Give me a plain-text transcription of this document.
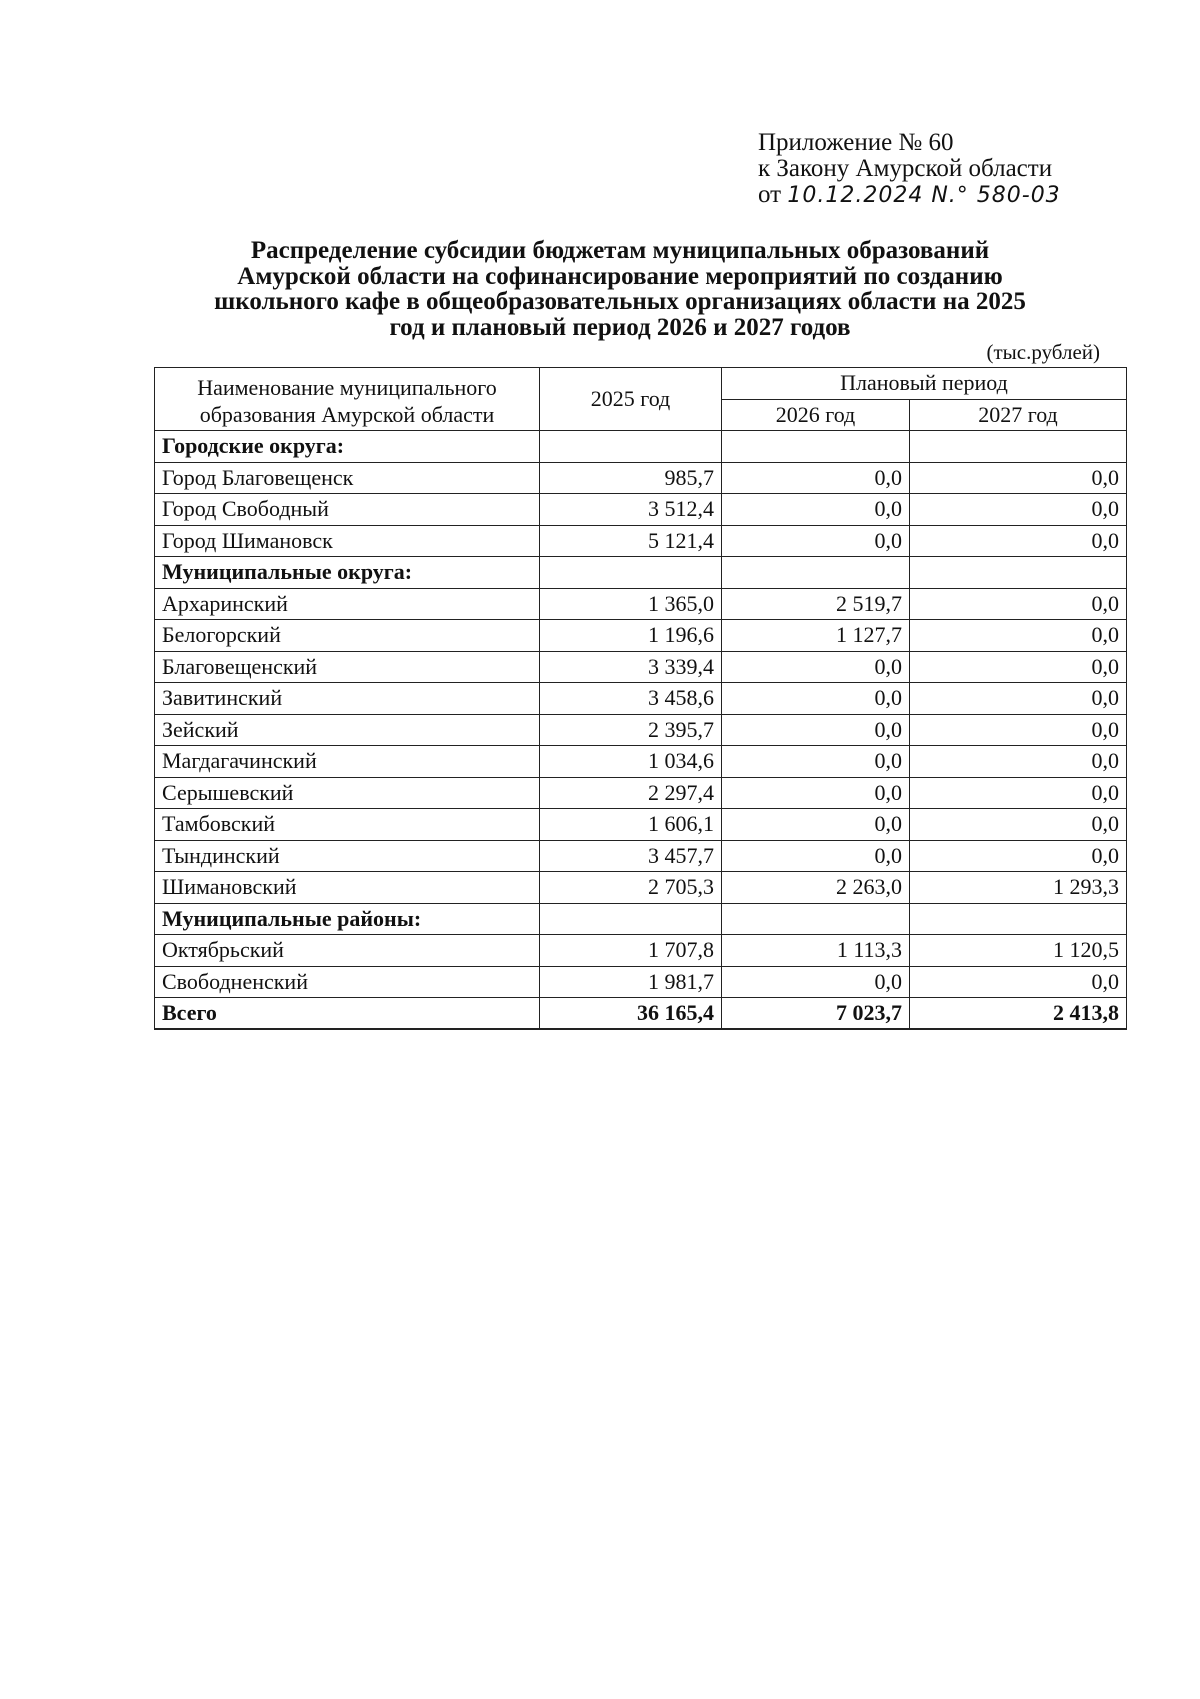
Приложение № 60
к Закону Амурской области
от 10.12.2024 N.° 580-03
Распределение субсидии бюджетам муниципальных образований
Амурской области на софинансирование мероприятий по созданию
школьного кафе в общеобразовательных организациях области на 2025
год и плановый период 2026 и 2027 годов
(тыс.рублей)
Наименование муниципального
образования Амурской области	2025 год	Плановый период	
		2026 год	2027 год
Городские округа:			
Город Благовещенск	985,7	0,0	0,0
Город Свободный	3 512,4	0,0	0,0
Город Шимановск	5 121,4	0,0	0,0
Муниципальные округа:			
Архаринский	1 365,0	2 519,7	0,0
Белогорский	1 196,6	1 127,7	0,0
Благовещенский	3 339,4	0,0	0,0
Завитинский	3 458,6	0,0	0,0
Зейский	2 395,7	0,0	0,0
Магдагачинский	1 034,6	0,0	0,0
Серышевский	2 297,4	0,0	0,0
Тамбовский	1 606,1	0,0	0,0
Тындинский	3 457,7	0,0	0,0
Шимановский	2 705,3	2 263,0	1 293,3
Муниципальные районы:			
Октябрьский	1 707,8	1 113,3	1 120,5
Свободненский	1 981,7	0,0	0,0
Всего	36 165,4	7 023,7	2 413,8
